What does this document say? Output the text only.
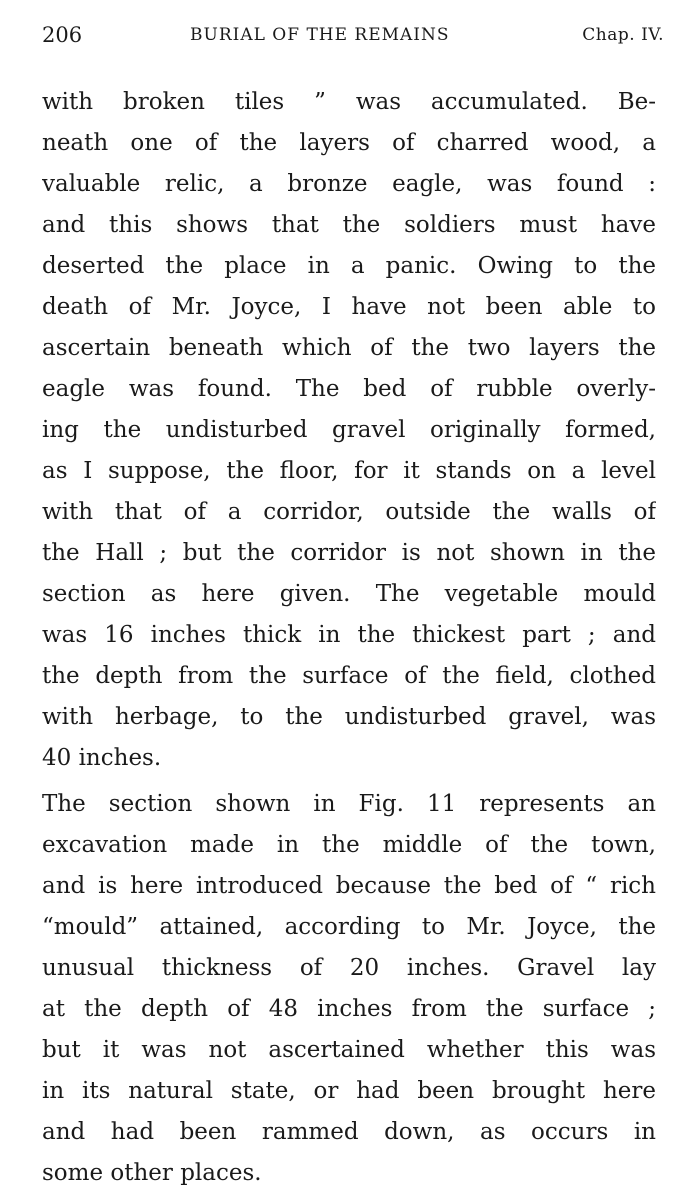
206	BURIAL OF THE REMAINS	Chap. IV.
with broken tiles ” was accumulated. Be-
neath one of the layers of charred wood, a
valuable relic, a bronze eagle, was found :
and this shows that the soldiers must have
deserted the place in a panic. Owing to the
death of Mr. Joyce, I have not been able to
ascertain beneath which of the two layers the
eagle was found. The bed of rubble overly-
ing the undisturbed gravel originally formed,
as I suppose, the floor, for it stands on a level
with that of a corridor, outside the walls of
the Hall ; but the corridor is not shown in the
section as here given. The vegetable mould
was 16 inches thick in the thickest part ; and
the depth from the surface of the field, clothed
with herbage, to the undisturbed gravel, was
40 inches.
The section shown in Fig. 11 represents an
excavation made in the middle of the town,
and is here introduced because the bed of “ rich
“mould” attained, according to Mr. Joyce, the
unusual thickness of 20 inches. Gravel lay
at the depth of 48 inches from the surface ;
but it was not ascertained whether this was
in its natural state, or had been brought here
and had been rammed down, as occurs in
some other places.
